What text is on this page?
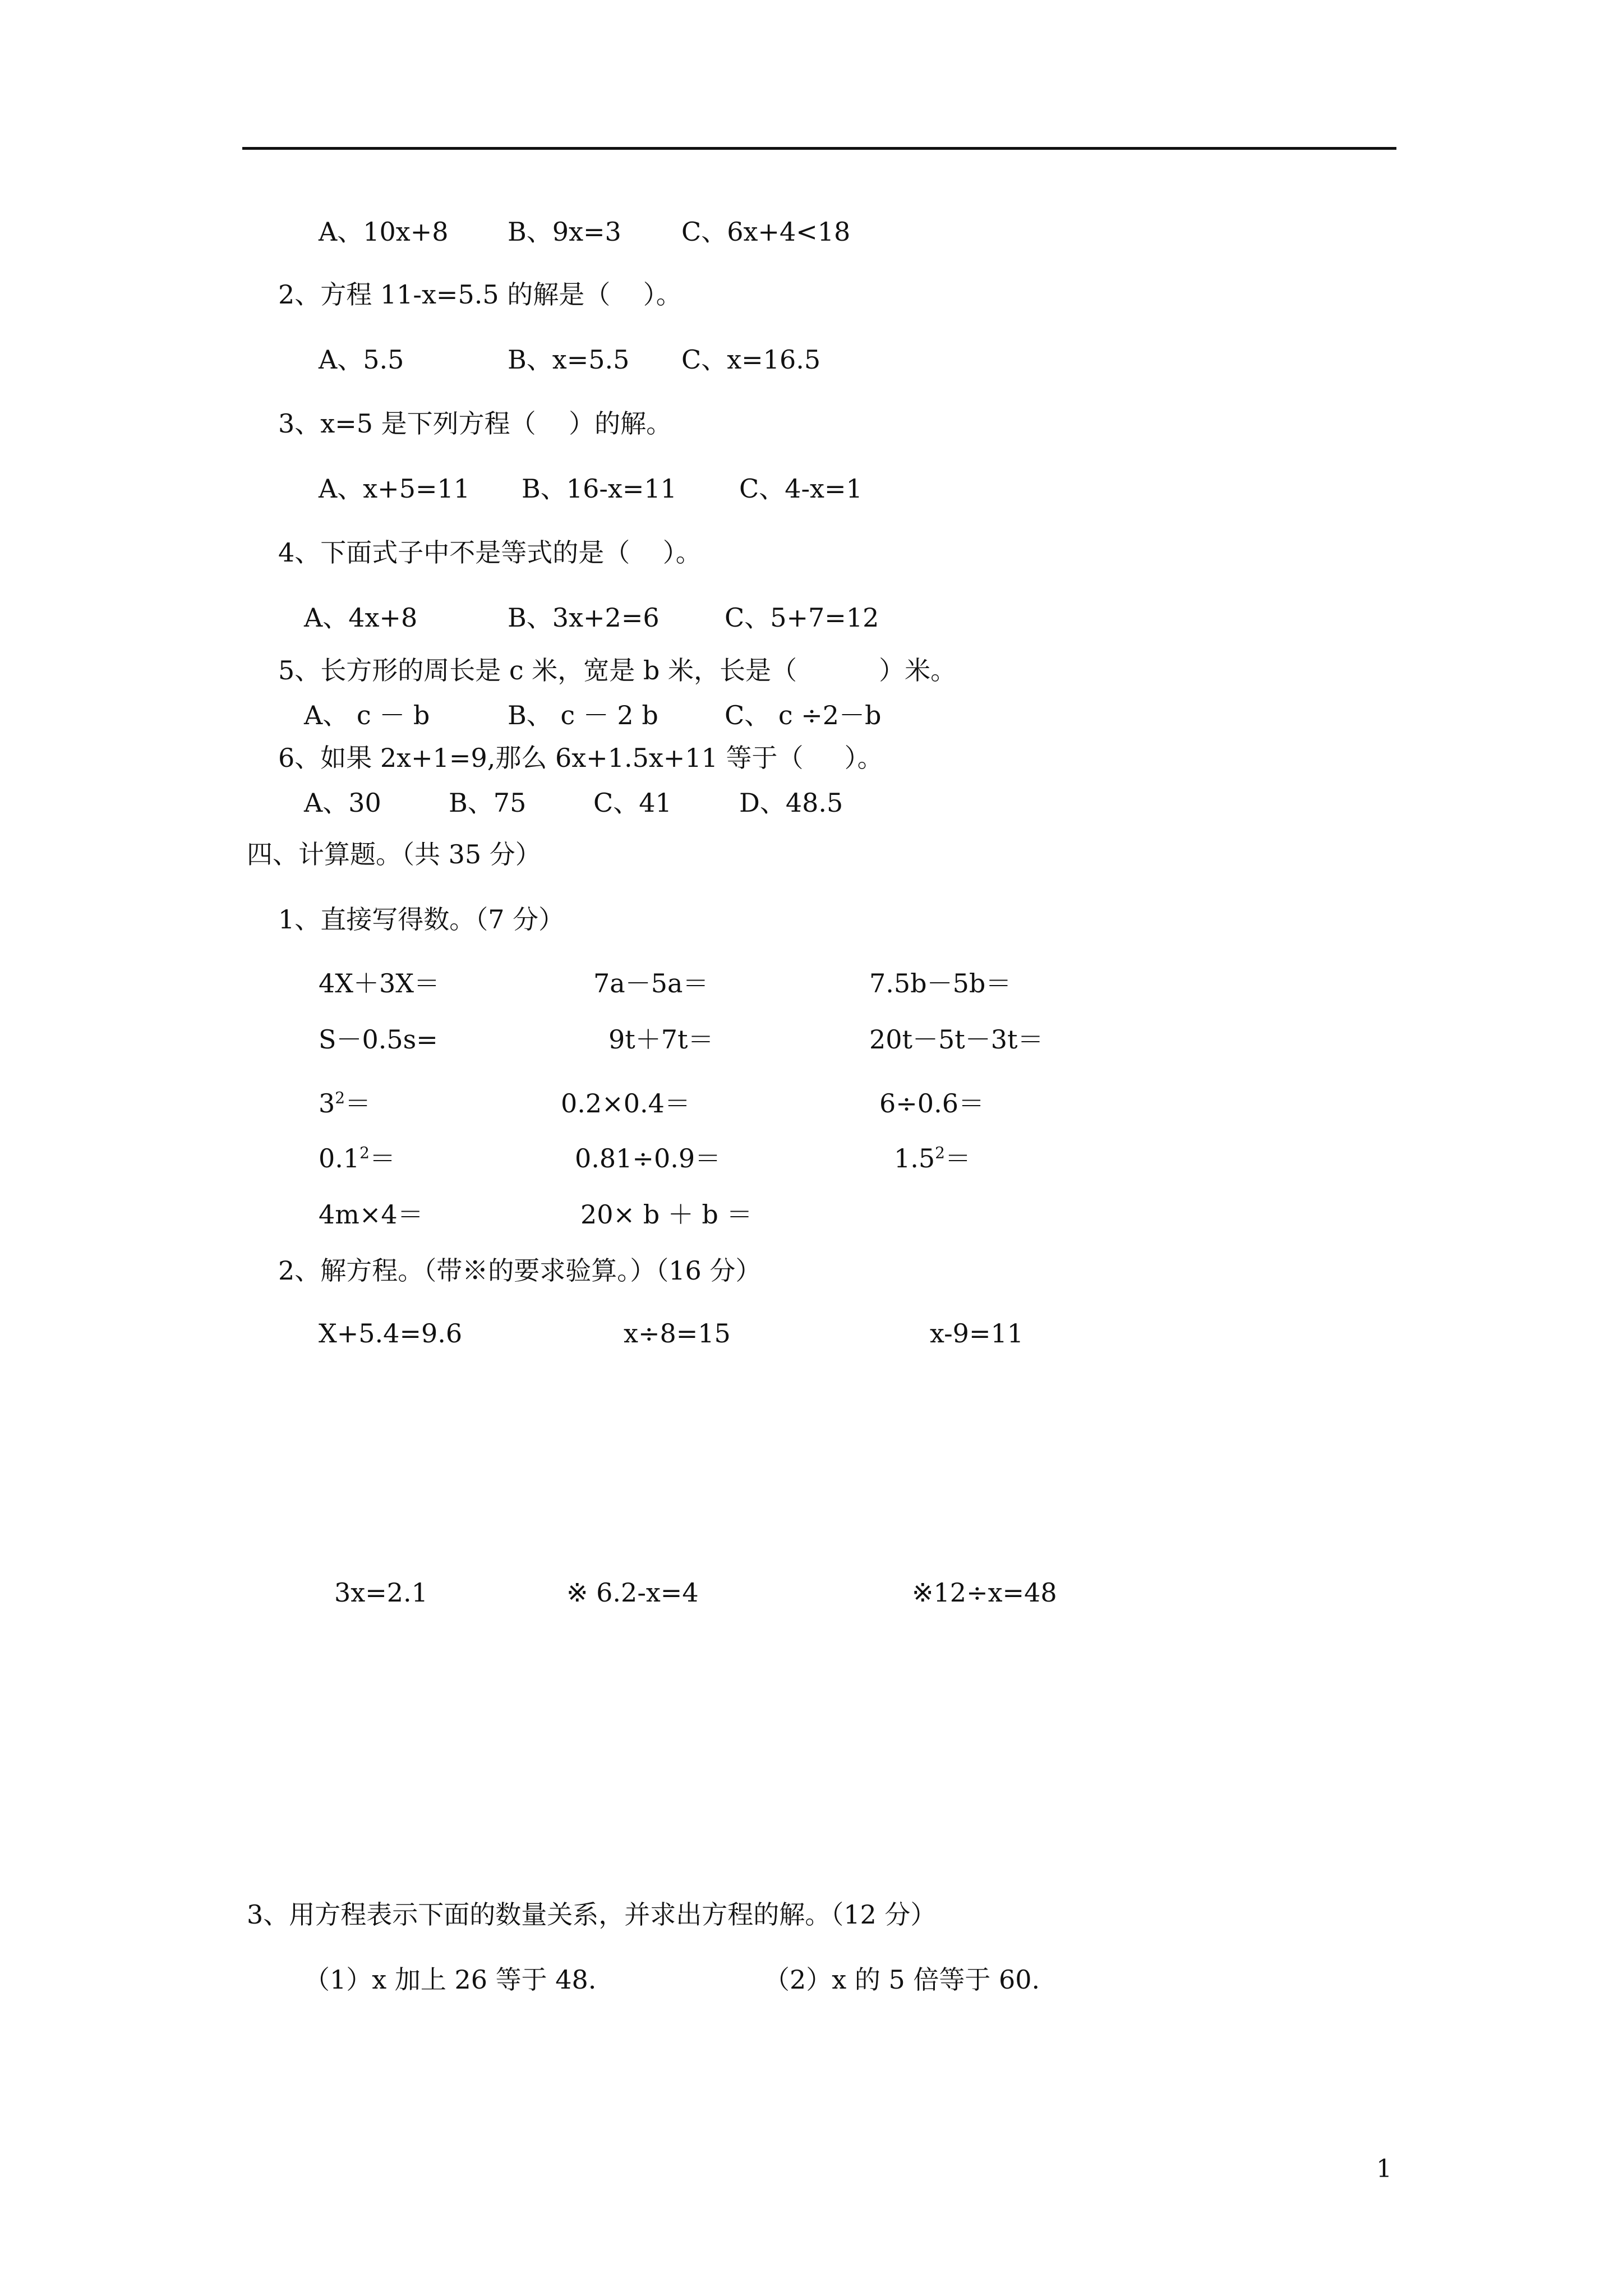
A、10x+8 B、9x=3 C、6x+4<18
2、方程 11-x=5.5 的解是（    ）。
A、5.5	B、x=5.5 C、x=16.5
3、x=5 是下列方程（    ）的解。
A、x+5=11 B、16-x=11 C、4-x=1
4、下面式子中不是等式的是（    ）。
A、4x+8	B、3x+2=6	C、5+7=12
5、长方形的周长是 c 米，宽是 b 米，长是（          ）米。
A、 c － b	B、 c － 2 b	C、 c ÷2－b
6、如果 2x+1=9,那么 6x+1.5x+11 等于（     ）。
A、30	B、75	C、41	D、48.5
四、计算题。（共 35 分）
1、直接写得数。（7 分）
4X＋3X＝	7a－5a＝	7.5b－5b＝
S－0.5s=	9t＋7t＝	20t－5t－3t＝
$3^2=$	0.2×0.4＝	6÷0.6＝
$0.1^2=$	0.81÷0.9＝	$1.5^2=$
4m×4＝	20× b ＋ b ＝
2、解方程。（带※的要求验算。）（16 分）
X+5.4=9.6	x÷8=15	x-9=11
3x=2.1	※ 6.2-x=4	※12÷x=48
3、用方程表示下面的数量关系，并求出方程的解。（12 分）
（1）x 加上 26 等于 48.	（2）x 的 5 倍等于 60.
1
